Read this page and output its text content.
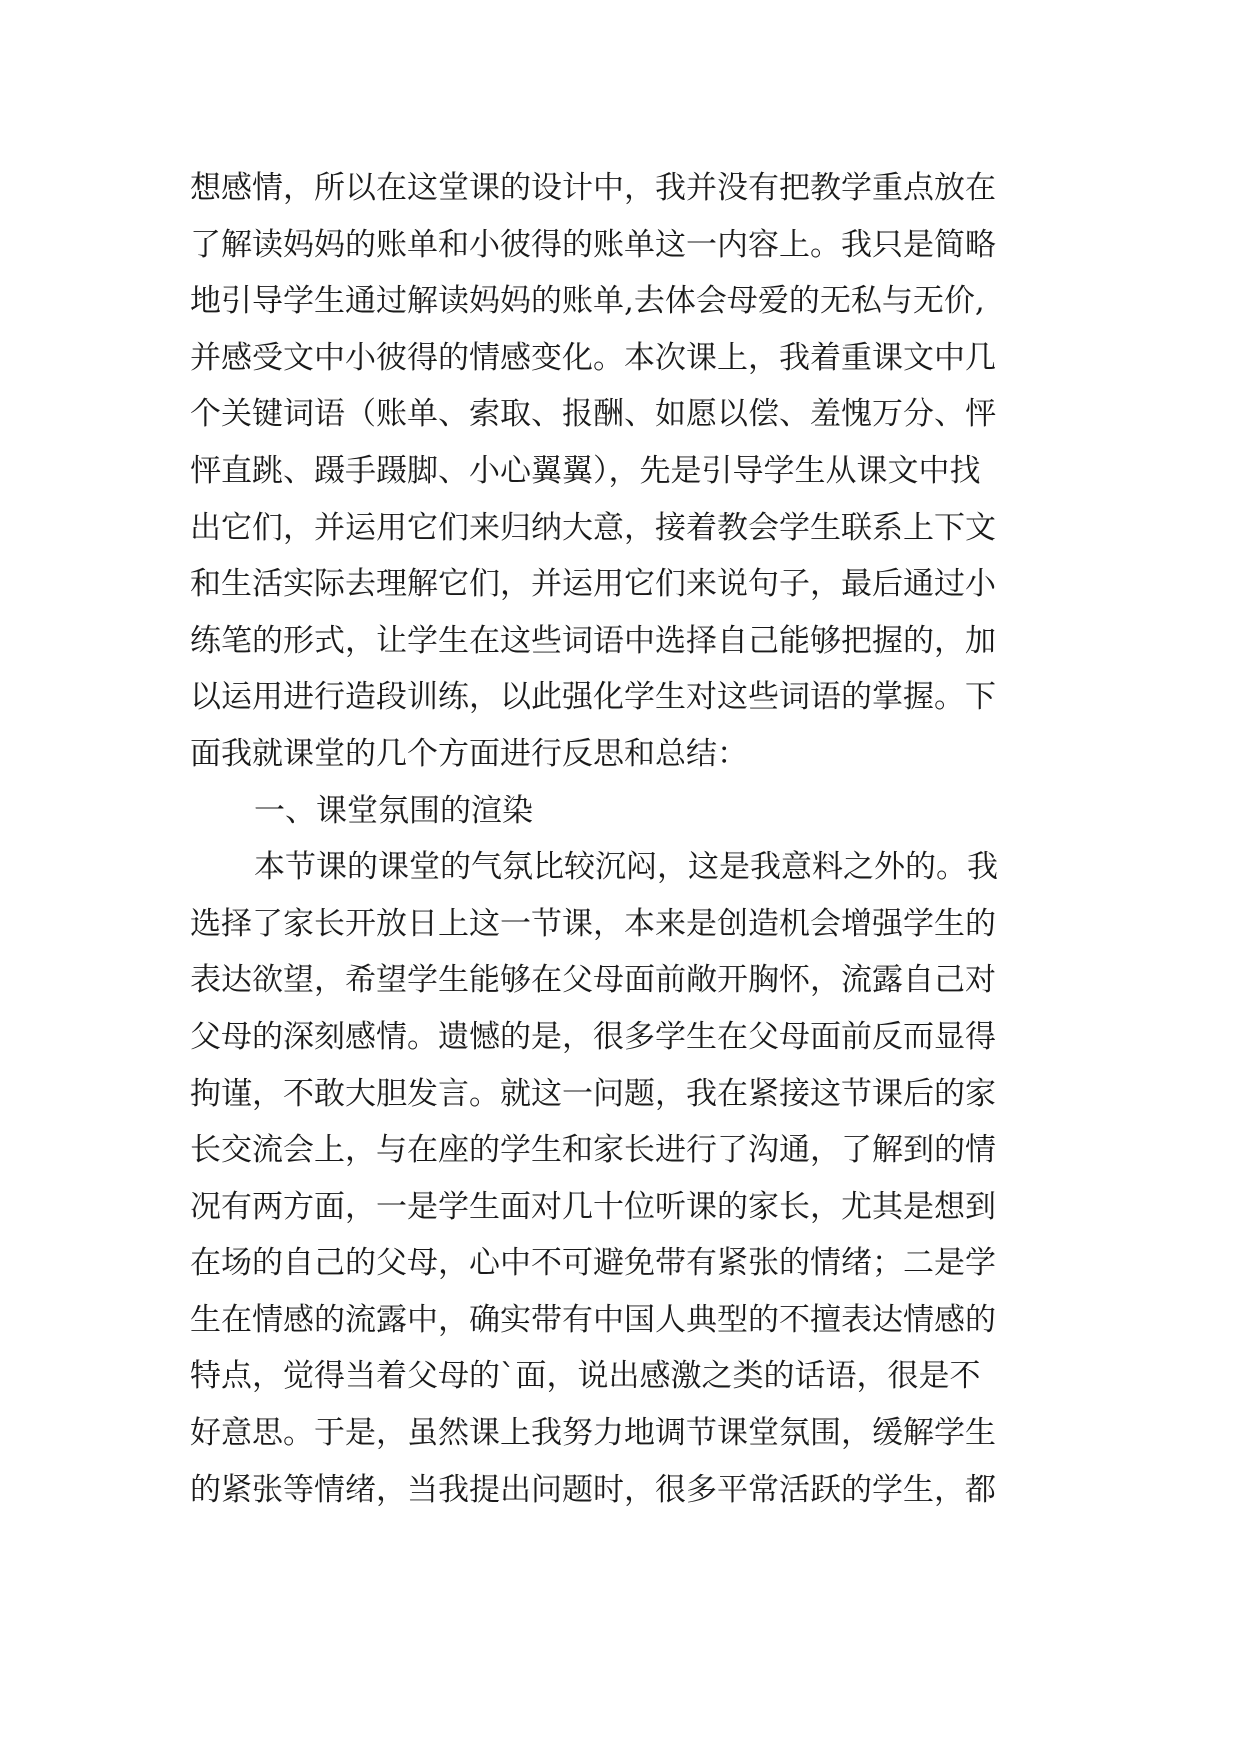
想感情，所以在这堂课的设计中，我并没有把教学重点放在
了解读妈妈的账单和小彼得的账单这一内容上。我只是简略
地引导学生通过解读妈妈的账单,去体会母爱的无私与无价,
并感受文中小彼得的情感变化。本次课上，我着重课文中几
个关键词语（账单、索取、报酬、如愿以偿、羞愧万分、怦
怦直跳、蹑手蹑脚、小心翼翼），先是引导学生从课文中找
出它们，并运用它们来归纳大意，接着教会学生联系上下文
和生活实际去理解它们，并运用它们来说句子，最后通过小
练笔的形式，让学生在这些词语中选择自己能够把握的，加
以运用进行造段训练，以此强化学生对这些词语的掌握。下
面我就课堂的几个方面进行反思和总结：
一、课堂氛围的渲染
本节课的课堂的气氛比较沉闷，这是我意料之外的。我
选择了家长开放日上这一节课，本来是创造机会增强学生的
表达欲望，希望学生能够在父母面前敞开胸怀，流露自己对
父母的深刻感情。遗憾的是，很多学生在父母面前反而显得
拘谨，不敢大胆发言。就这一问题，我在紧接这节课后的家
长交流会上，与在座的学生和家长进行了沟通，了解到的情
况有两方面，一是学生面对几十位听课的家长，尤其是想到
在场的自己的父母，心中不可避免带有紧张的情绪；二是学
生在情感的流露中，确实带有中国人典型的不擅表达情感的
特点，觉得当着父母的`面，说出感激之类的话语，很是不
好意思。于是，虽然课上我努力地调节课堂氛围，缓解学生
的紧张等情绪，当我提出问题时，很多平常活跃的学生，都
